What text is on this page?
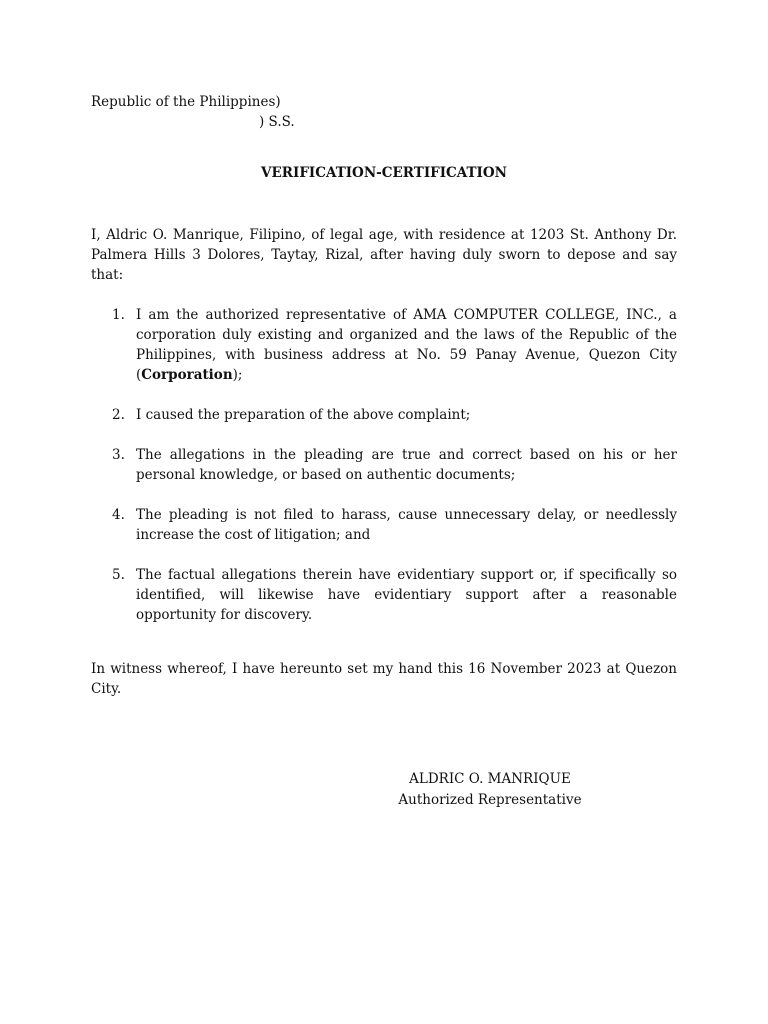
Republic of the Philippines)
) S.S.
VERIFICATION-CERTIFICATION

I, Aldric O. Manrique, Filipino, of legal age, with residence at 1203 St. Anthony Dr. Palmera Hills 3 Dolores, Taytay, Rizal, after having duly sworn to depose and say that:

1. I am the authorized representative of AMA COMPUTER COLLEGE, INC., a corporation duly existing and organized and the laws of the Republic of the Philippines, with business address at No. 59 Panay Avenue, Quezon City (Corporation);
2. I caused the preparation of the above complaint;
3. The allegations in the pleading are true and correct based on his or her personal knowledge, or based on authentic documents;
4. The pleading is not filed to harass, cause unnecessary delay, or needlessly increase the cost of litigation; and
5. The factual allegations therein have evidentiary support or, if specifically so identified, will likewise have evidentiary support after a reasonable opportunity for discovery.

In witness whereof, I have hereunto set my hand this 16 November 2023 at Quezon City.

ALDRIC O. MANRIQUE
Authorized Representative
